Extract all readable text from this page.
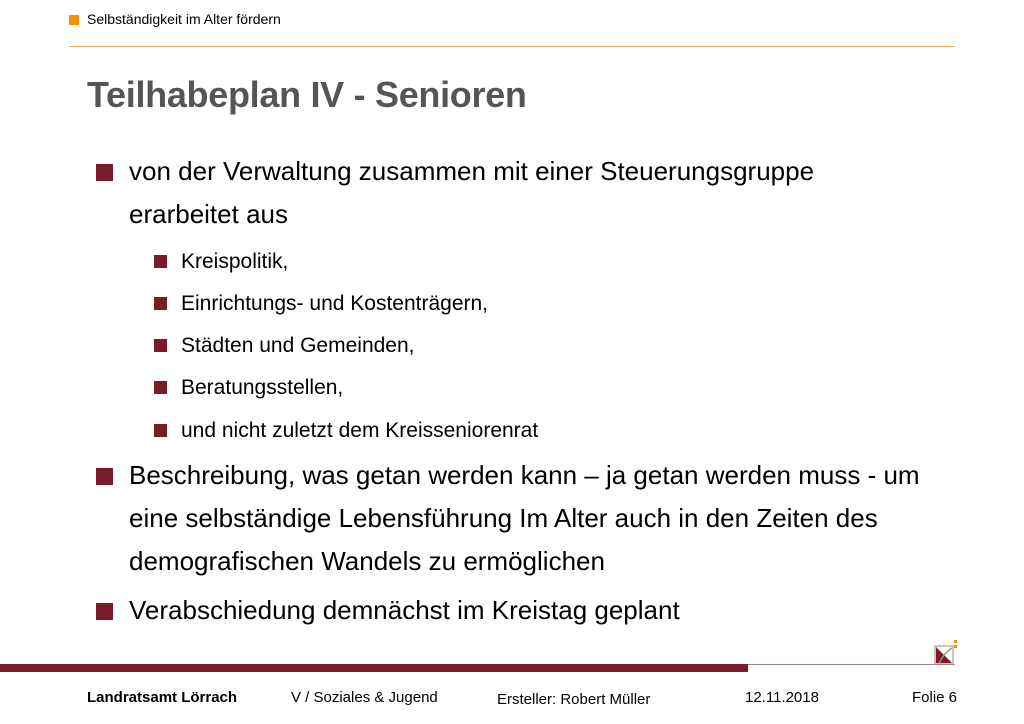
Selbständigkeit im Alter fördern
Teilhabeplan IV - Senioren
von der Verwaltung zusammen mit einer Steuerungsgruppe erarbeitet aus
Kreispolitik,
Einrichtungs- und Kostenträgern,
Städten und Gemeinden,
Beratungsstellen,
und nicht zuletzt dem Kreisseniorenrat
Beschreibung, was getan werden kann – ja getan werden muss - um eine selbständige Lebensführung Im Alter auch in den Zeiten des demografischen Wandels zu ermöglichen
Verabschiedung demnächst im Kreistag geplant
Landratsamt Lörrach	V / Soziales & Jugend	Ersteller: Robert Müller	12.11.2018	Folie 6
